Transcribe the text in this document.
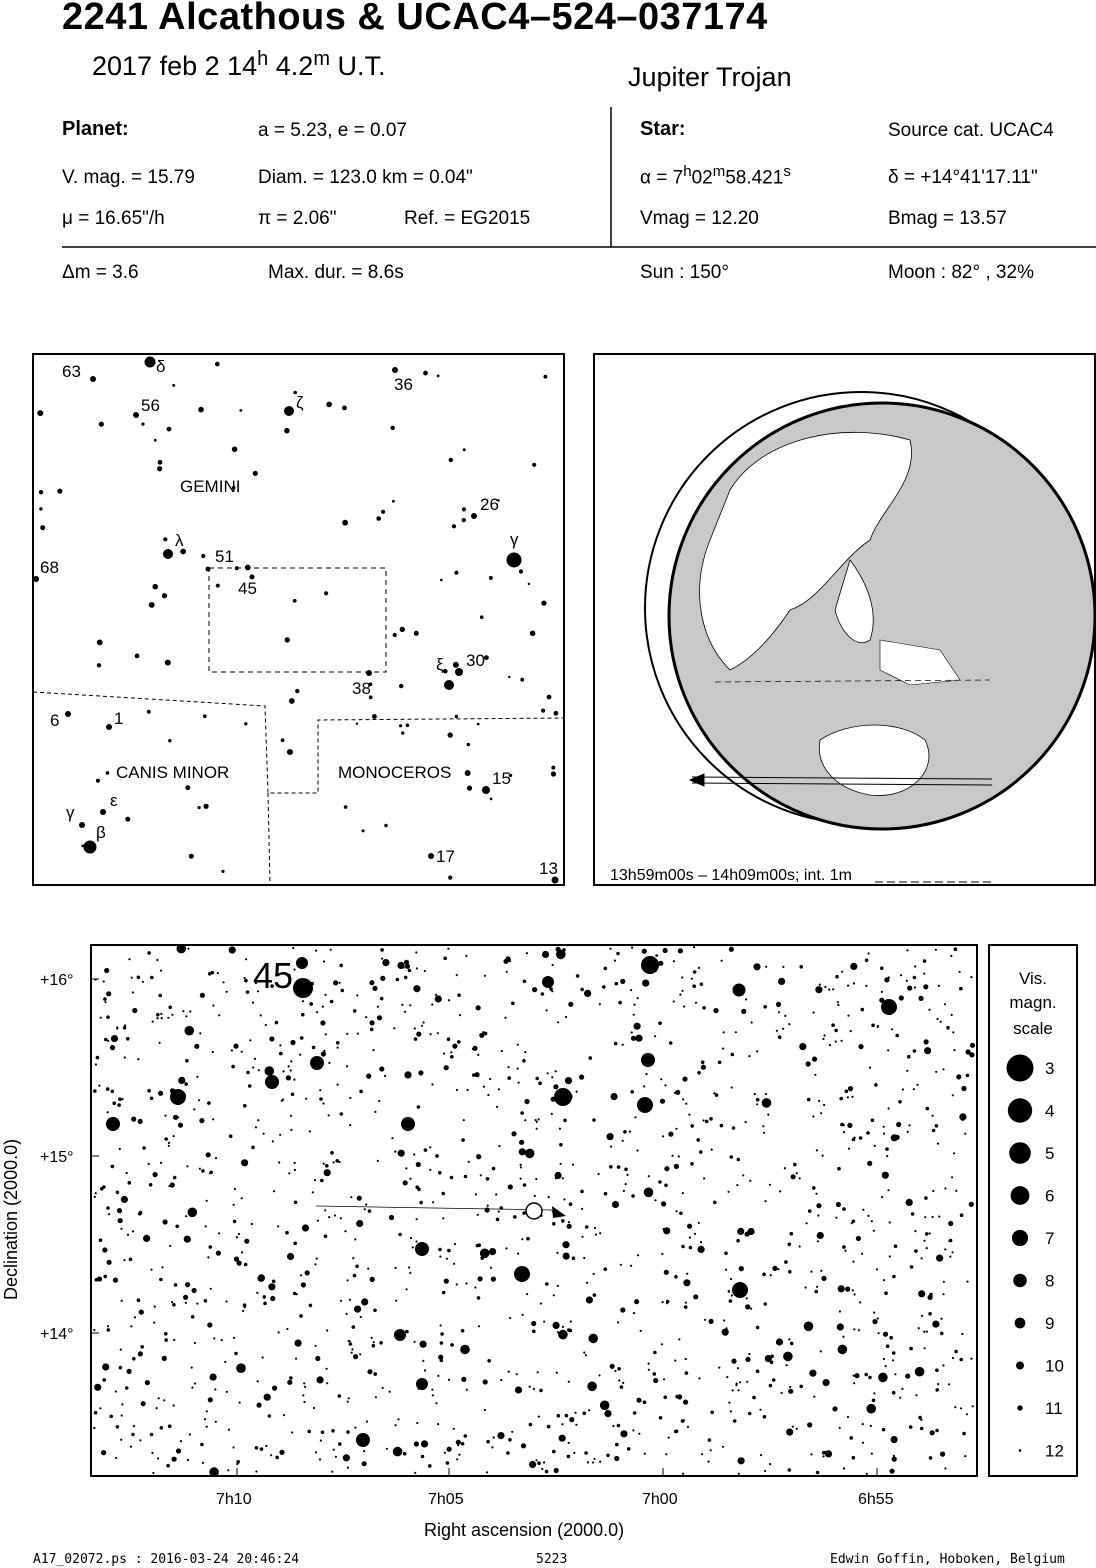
2241 Alcathous & UCAC4–524–037174
2017 feb 2 14$^h$ 4.2$^m$ U.T.	Jupiter Trojan
Planet:	a = 5.23, e = 0.07
V. mag. = 15.79	Diam. = 123.0 km = 0.04"
μ = 16.65"/h	π = 2.06"	Ref. = EG2015
Δm = 3.6	Max. dur. = 8.6s
Star:	Source cat. UCAC4
$\alpha = 7^h02^m58.421^s$	δ = +14°41'17.11"
Vmag = 12.20	Bmag = 13.57
Sun : 150°	Moon : 82° , 32%
GEMINI
CANIS MINOR	MONOCEROS
63	δ
56	ζ
36
26
γ
λ
51
45
68
ξ 30
38
6	1
γ
ε
β
15
17
13	13h59m00s – 14h09m00s; int. 1m
45
+16°
+15°
+14°
7h10	7h05	7h00	6h55
Right ascension (2000.0)
Declination (2000.0)
Vis.
magn.
scale
3
4
5
6
7
8
9
10
11
12
A17_02072.ps : 2016-03-24 20:46:24	5223	Edwin Goffin, Hoboken, Belgium
